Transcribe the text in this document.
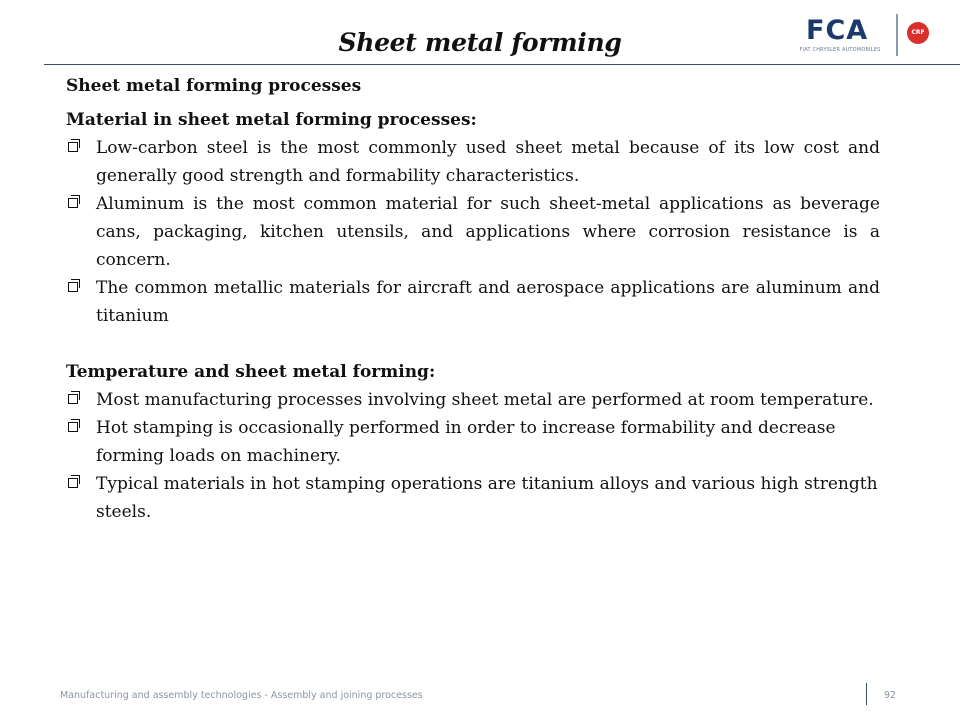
Sheet metal forming	FCA
FIAT CHRYSLER AUTOMOBILES
CRF
Sheet metal forming processes
Material in sheet metal forming processes:
Low-carbon steel is the most commonly used sheet metal because of its low cost and generally good strength and formability characteristics.
Aluminum is the most common material for such sheet-metal applications as beverage cans, packaging, kitchen utensils, and applications where corrosion resistance is a concern.
The common metallic materials for aircraft and aerospace applications are aluminum and titanium
Temperature and sheet metal forming:
Most manufacturing processes involving sheet metal are performed at room temperature.
Hot stamping is occasionally performed in order to increase formability and decrease forming loads on machinery.
Typical materials in hot stamping operations are titanium alloys and various high strength steels.
Manufacturing and assembly technologies - Assembly and joining processes	92
